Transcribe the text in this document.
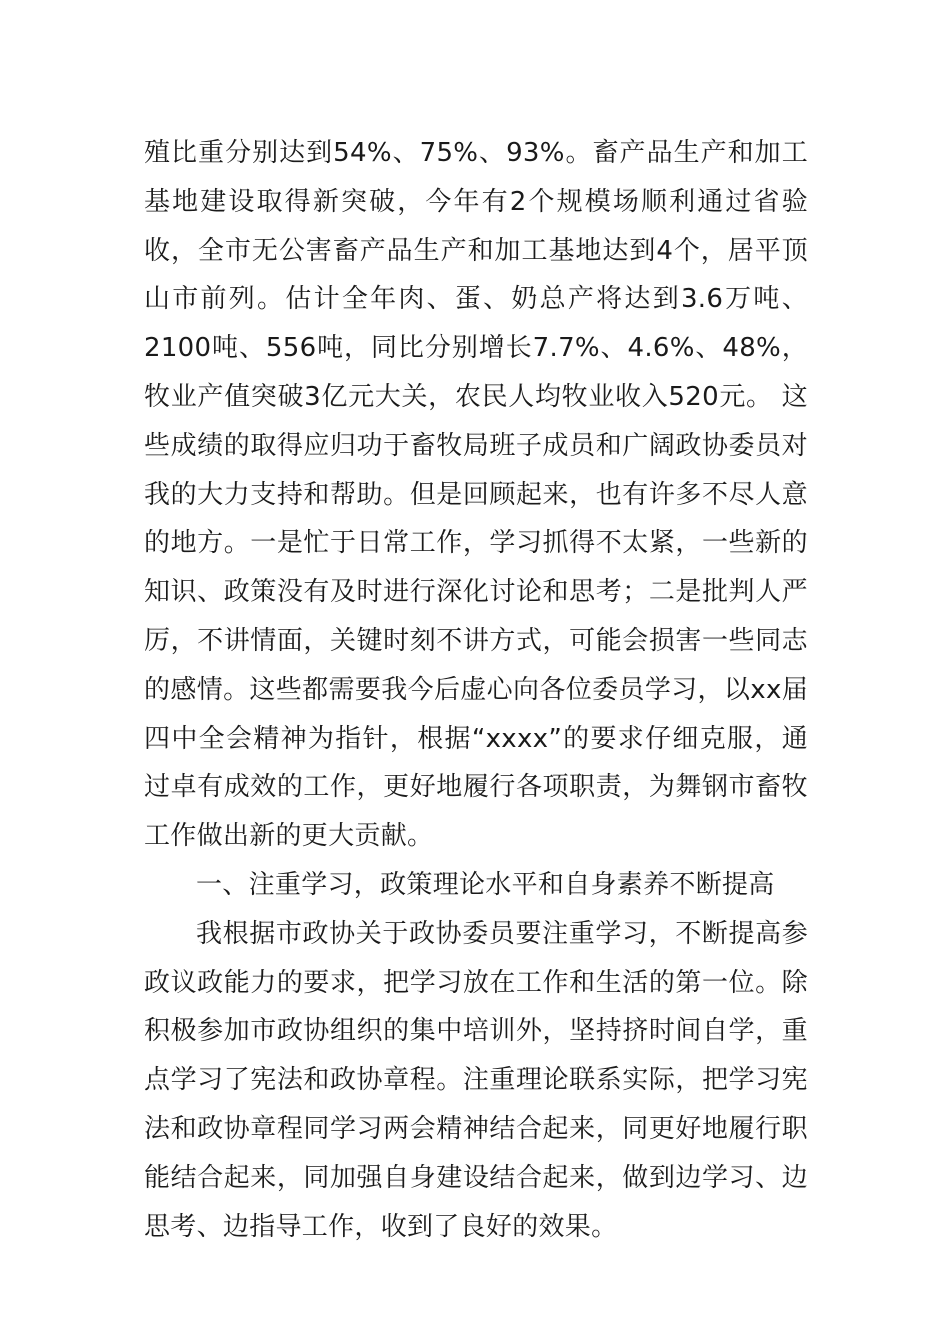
殖比重分别达到54%、75%、93%。畜产品生产和加工基地建设取得新突破，今年有2个规模场顺利通过省验收，全市无公害畜产品生产和加工基地达到4个，居平顶山市前列。估计全年肉、蛋、奶总产将达到3.6万吨、2100吨、556吨，同比分别增长7.7%、4.6%、48%，牧业产值突破3亿元大关，农民人均牧业收入520元。 这些成绩的取得应归功于畜牧局班子成员和广阔政协委员对我的大力支持和帮助。但是回顾起来，也有许多不尽人意的地方。一是忙于日常工作，学习抓得不太紧，一些新的知识、政策没有及时进行深化讨论和思考；二是批判人严厉，不讲情面，关键时刻不讲方式，可能会损害一些同志的感情。这些都需要我今后虚心向各位委员学习，以xx届四中全会精神为指针，根据“xxxx”的要求仔细克服，通过卓有成效的工作，更好地履行各项职责，为舞钢市畜牧工作做出新的更大贡献。

一、注重学习，政策理论水平和自身素养不断提高

我根据市政协关于政协委员要注重学习，不断提高参政议政能力的要求，把学习放在工作和生活的第一位。除积极参加市政协组织的集中培训外，坚持挤时间自学，重点学习了宪法和政协章程。注重理论联系实际，把学习宪法和政协章程同学习两会精神结合起来，同更好地履行职能结合起来，同加强自身建设结合起来，做到边学习、边思考、边指导工作，收到了良好的效果。
